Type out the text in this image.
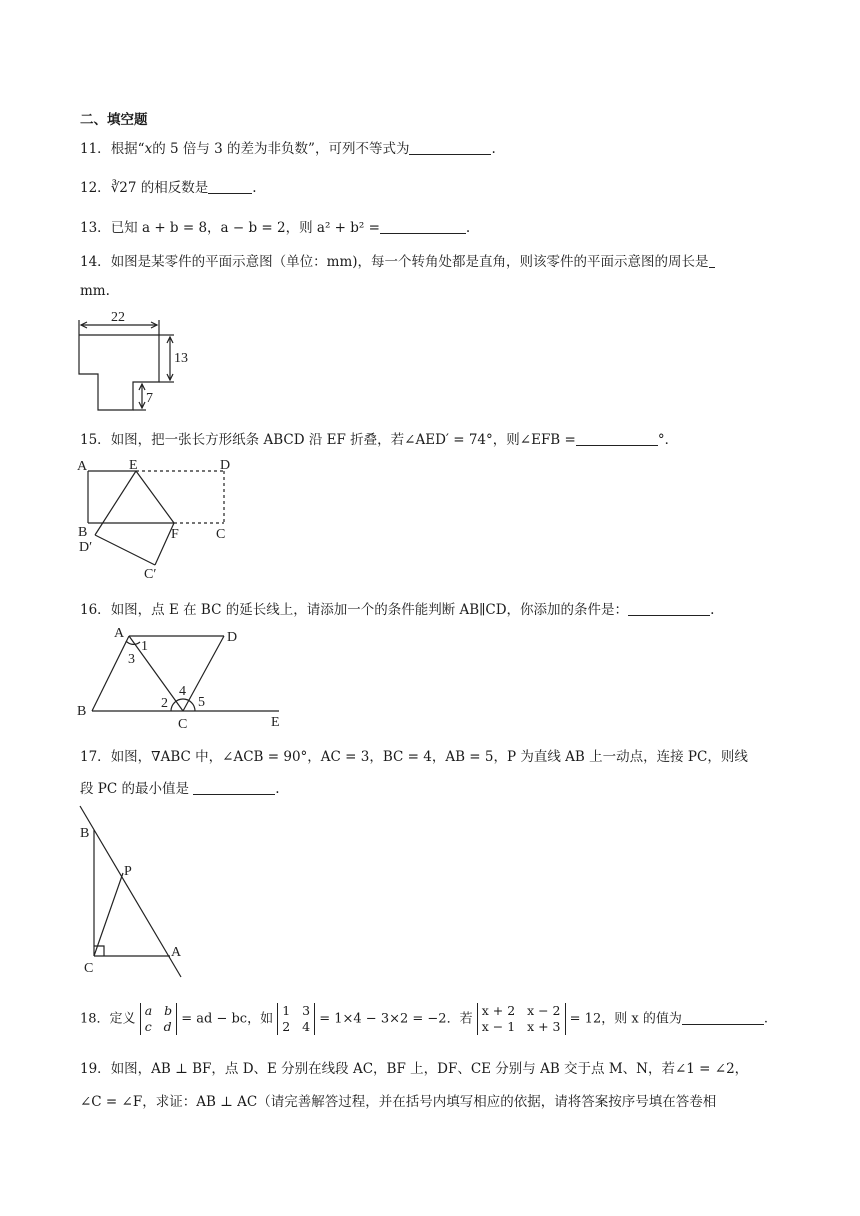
二、填空题
11．根据“x的 5 倍与 3 的差为非负数”，可列不等式为	.
12．∛27 的相反数是	.
13．已知 a + b = 8，a − b = 2，则 a² + b² =	.
14．如图是某零件的平面示意图（单位：mm)，每一个转角处都是直角，则该零件的平面示意图的周长是
mm.
22
13
7
15．如图，把一张长方形纸条 ABCD 沿 EF 折叠，若∠AED′ = 74°，则∠EFB =	°．
A	E	D
B	F	C
D′
C′
16．如图，点 E 在 BC 的延长线上，请添加一个的条件能判断 AB∥CD，你添加的条件是：	.
A	D
B
C	E
1
2
3
4
5
17．如图，∇ABC 中，∠ACB = 90°，AC = 3，BC = 4，AB = 5，P 为直线 AB 上一动点，连接 PC，则线
段 PC 的最小值是	.
B
P
C
A
18．定义
a b
c d = ad − bc，如
1 3
2 4 = 1×4 − 3×2 = −2．若
x + 2 x − 2
x − 1 x + 3 = 12，则 x 的值为	.
19．如图，AB ⊥ BF，点 D、E 分别在线段 AC，BF 上，DF、CE 分别与 AB 交于点 M、N，若∠1 = ∠2，
∠C = ∠F，求证：AB ⊥ AC（请完善解答过程，并在括号内填写相应的依据，请将答案按序号填在答卷相
